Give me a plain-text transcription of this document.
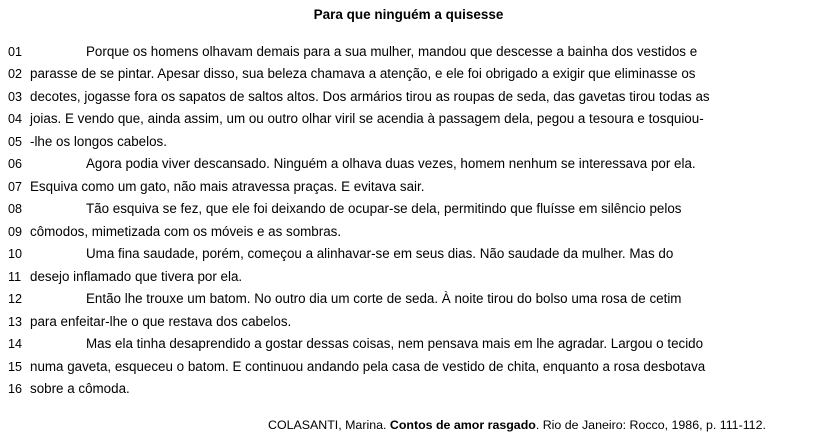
Para que ninguém a quisesse
01	Porque os homens olhavam demais para a sua mulher, mandou que descesse a bainha dos vestidos e
02 parasse de se pintar. Apesar disso, sua beleza chamava a atenção, e ele foi obrigado a exigir que eliminasse os
03 decotes, jogasse fora os sapatos de saltos altos. Dos armários tirou as roupas de seda, das gavetas tirou todas as
04 joias. E vendo que, ainda assim, um ou outro olhar viril se acendia à passagem dela, pegou a tesoura e tosquiou-
05 -lhe os longos cabelos.
06	Agora podia viver descansado. Ninguém a olhava duas vezes, homem nenhum se interessava por ela.
07 Esquiva como um gato, não mais atravessa praças. E evitava sair.
08	Tão esquiva se fez, que ele foi deixando de ocupar-se dela, permitindo que fluísse em silêncio pelos
09 cômodos, mimetizada com os móveis e as sombras.
10	Uma fina saudade, porém, começou a alinhavar-se em seus dias. Não saudade da mulher. Mas do
11 desejo inflamado que tivera por ela.
12	Então lhe trouxe um batom. No outro dia um corte de seda. À noite tirou do bolso uma rosa de cetim
13 para enfeitar-lhe o que restava dos cabelos.
14	Mas ela tinha desaprendido a gostar dessas coisas, nem pensava mais em lhe agradar. Largou o tecido
15 numa gaveta, esqueceu o batom. E continuou andando pela casa de vestido de chita, enquanto a rosa desbotava
16 sobre a cômoda.
COLASANTI, Marina. Contos de amor rasgado. Rio de Janeiro: Rocco, 1986, p. 111-112.
